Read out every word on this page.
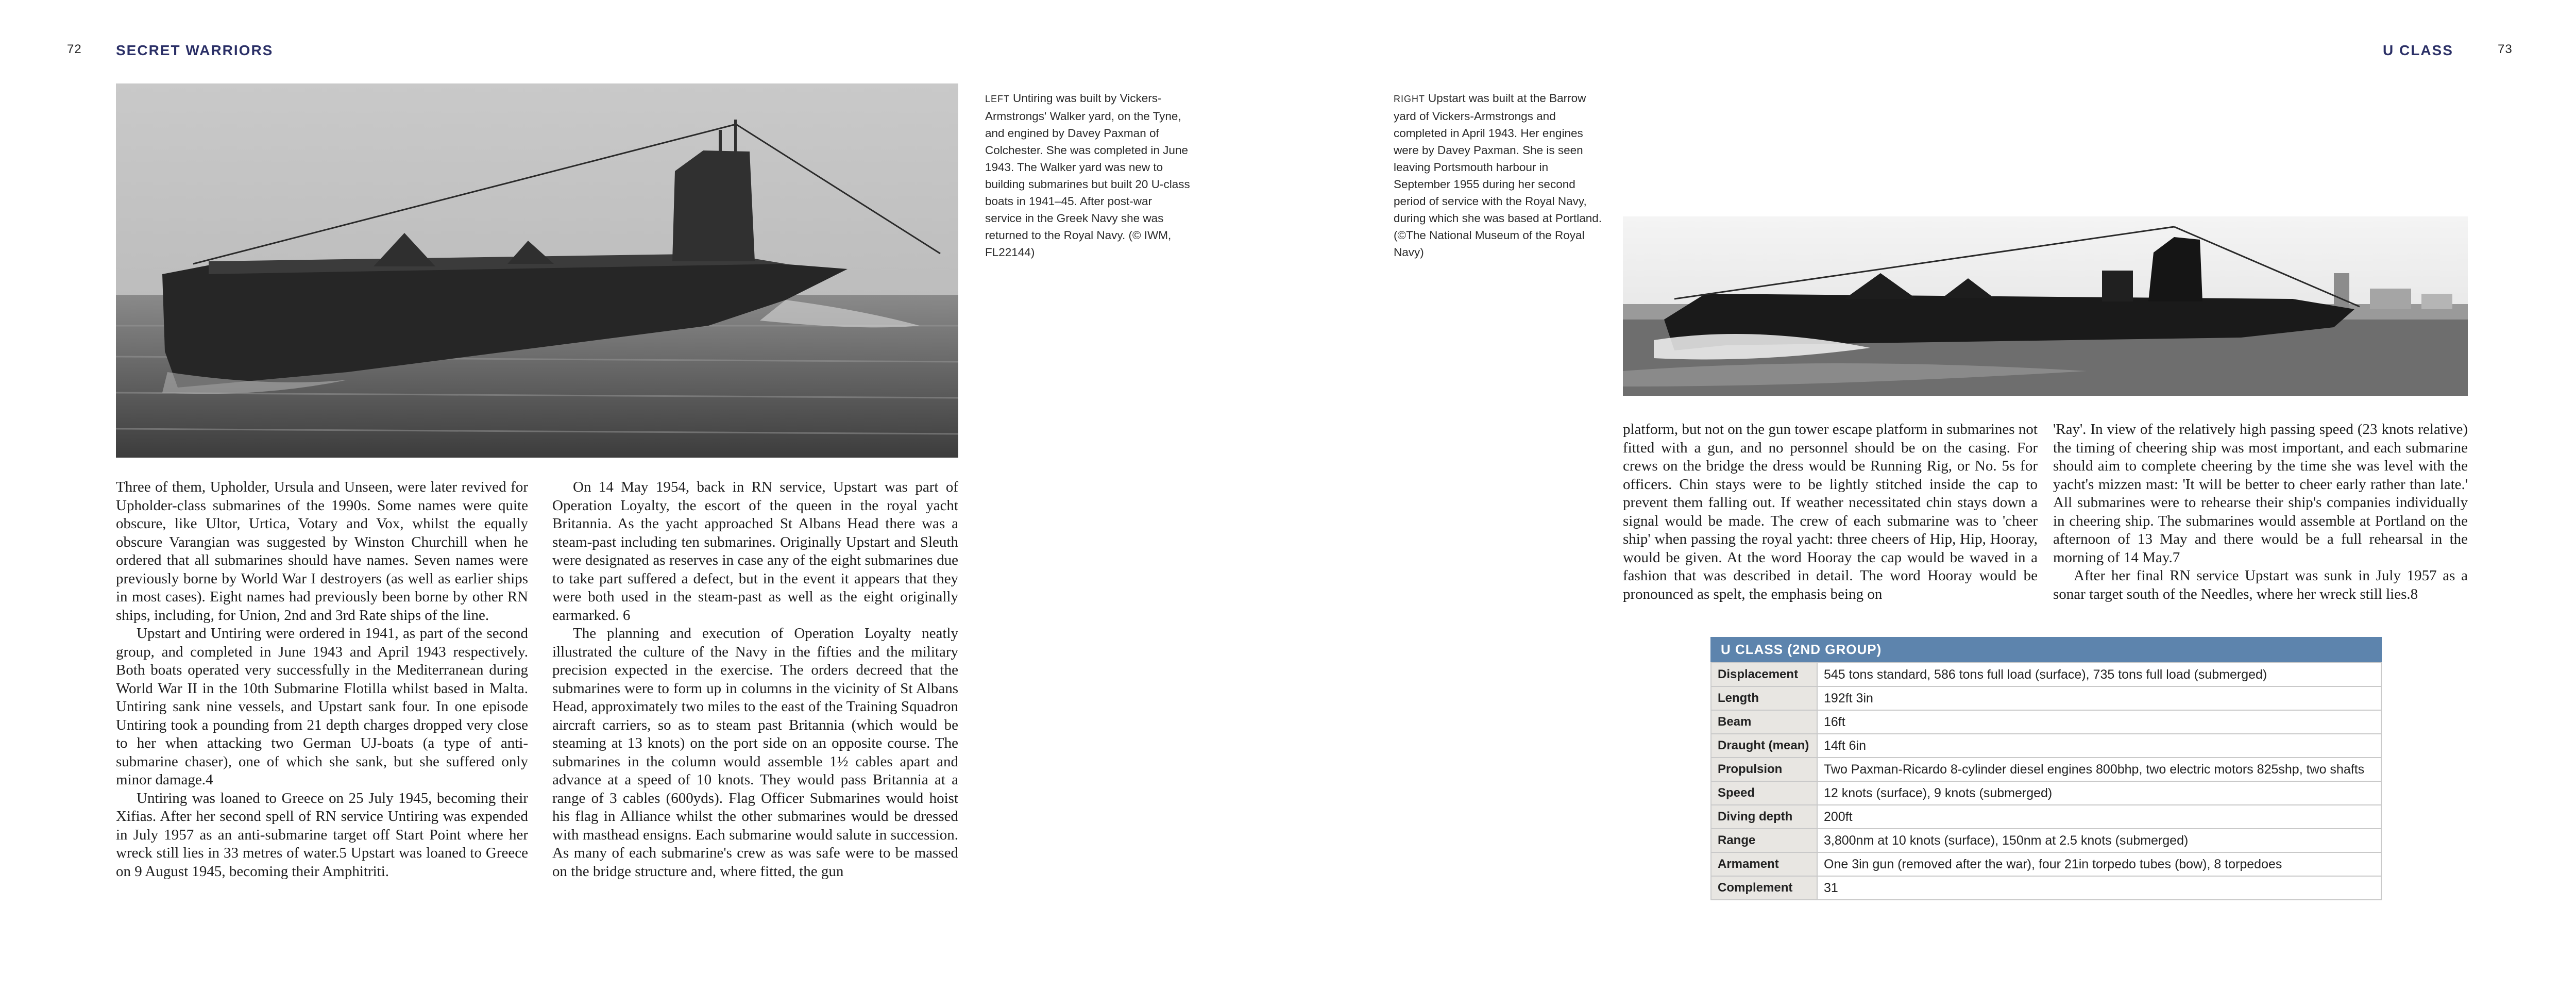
72 SECRET WARRIORS	U CLASS	73
LEFT Untiring was built by Vickers-Armstrongs' Walker yard, on the Tyne, and engined by Davey Paxman of Colchester. She was completed in June 1943. The Walker yard was new to building submarines but built 20 U-class boats in 1941–45. After post-war service in the Greek Navy she was returned to the Royal Navy. (© IWM, FL22144)
RIGHT Upstart was built at the Barrow yard of Vickers-Armstrongs and completed in April 1943. Her engines were by Davey Paxman. She is seen leaving Portsmouth harbour in September 1955 during her second period of service with the Royal Navy, during which she was based at Portland. (©The National Museum of the Royal Navy)

Three of them, Upholder, Ursula and Unseen, were later revived for Upholder-class submarines of the 1990s. Some names were quite obscure, like Ultor, Urtica, Votary and Vox, whilst the equally obscure Varangian was suggested by Winston Churchill when he ordered that all submarines should have names. Seven names were previously borne by World War I destroyers (as well as earlier ships in most cases). Eight names had previously been borne by other RN ships, including, for Union, 2nd and 3rd Rate ships of the line.

Upstart and Untiring were ordered in 1941, as part of the second group, and completed in June 1943 and April 1943 respectively. Both boats operated very successfully in the Mediterranean during World War II in the 10th Submarine Flotilla whilst based in Malta. Untiring sank nine vessels, and Upstart sank four. In one episode Untiring took a pounding from 21 depth charges dropped very close to her when attacking two German UJ-boats (a type of anti-submarine chaser), one of which she sank, but she suffered only minor damage.4

Untiring was loaned to Greece on 25 July 1945, becoming their Xifias. After her second spell of RN service Untiring was expended in July 1957 as an anti-submarine target off Start Point where her wreck still lies in 33 metres of water.5 Upstart was loaned to Greece on 9 August 1945, becoming their Amphitriti.

On 14 May 1954, back in RN service, Upstart was part of Operation Loyalty, the escort of the queen in the royal yacht Britannia. As the yacht approached St Albans Head there was a steam-past including ten submarines. Originally Upstart and Sleuth were designated as reserves in case any of the eight submarines due to take part suffered a defect, but in the event it appears that they were both used in the steam-past as well as the eight originally earmarked. 6

The planning and execution of Operation Loyalty neatly illustrated the culture of the Navy in the fifties and the military precision expected in the exercise. The orders decreed that the submarines were to form up in columns in the vicinity of St Albans Head, approximately two miles to the east of the Training Squadron aircraft carriers, so as to steam past Britannia (which would be steaming at 13 knots) on the port side on an opposite course. The submarines in the column would assemble 1½ cables apart and advance at a speed of 10 knots. They would pass Britannia at a range of 3 cables (600yds). Flag Officer Submarines would hoist his flag in Alliance whilst the other submarines would be dressed with masthead ensigns. Each submarine would salute in succession. As many of each submarine's crew as was safe were to be massed on the bridge structure and, where fitted, the gun

platform, but not on the gun tower escape platform in submarines not fitted with a gun, and no personnel should be on the casing. For crews on the bridge the dress would be Running Rig, or No. 5s for officers. Chin stays were to be lightly stitched inside the cap to prevent them falling out. If weather necessitated chin stays down a signal would be made. The crew of each submarine was to 'cheer ship' when passing the royal yacht: three cheers of Hip, Hip, Hooray, would be given. At the word Hooray the cap would be waved in a fashion that was described in detail. The word Hooray would be pronounced as spelt, the emphasis being on

'Ray'. In view of the relatively high passing speed (23 knots relative) the timing of cheering ship was most important, and each submarine should aim to complete cheering by the time she was level with the yacht's mizzen mast: 'It will be better to cheer early rather than late.' All submarines were to rehearse their ship's companies individually in cheering ship. The submarines would assemble at Portland on the afternoon of 13 May and there would be a full rehearsal in the morning of 14 May.7

After her final RN service Upstart was sunk in July 1957 as a sonar target south of the Needles, where her wreck still lies.8

U CLASS (2ND GROUP)
Displacement	545 tons standard, 586 tons full load (surface), 735 tons full load (submerged)
Length	192ft 3in
Beam	16ft
Draught (mean)	14ft 6in
Propulsion	Two Paxman-Ricardo 8-cylinder diesel engines 800bhp, two electric motors 825shp, two shafts
Speed	12 knots (surface), 9 knots (submerged)
Diving depth	200ft
Range	3,800nm at 10 knots (surface), 150nm at 2.5 knots (submerged)
Armament	One 3in gun (removed after the war), four 21in torpedo tubes (bow), 8 torpedoes
Complement	31
